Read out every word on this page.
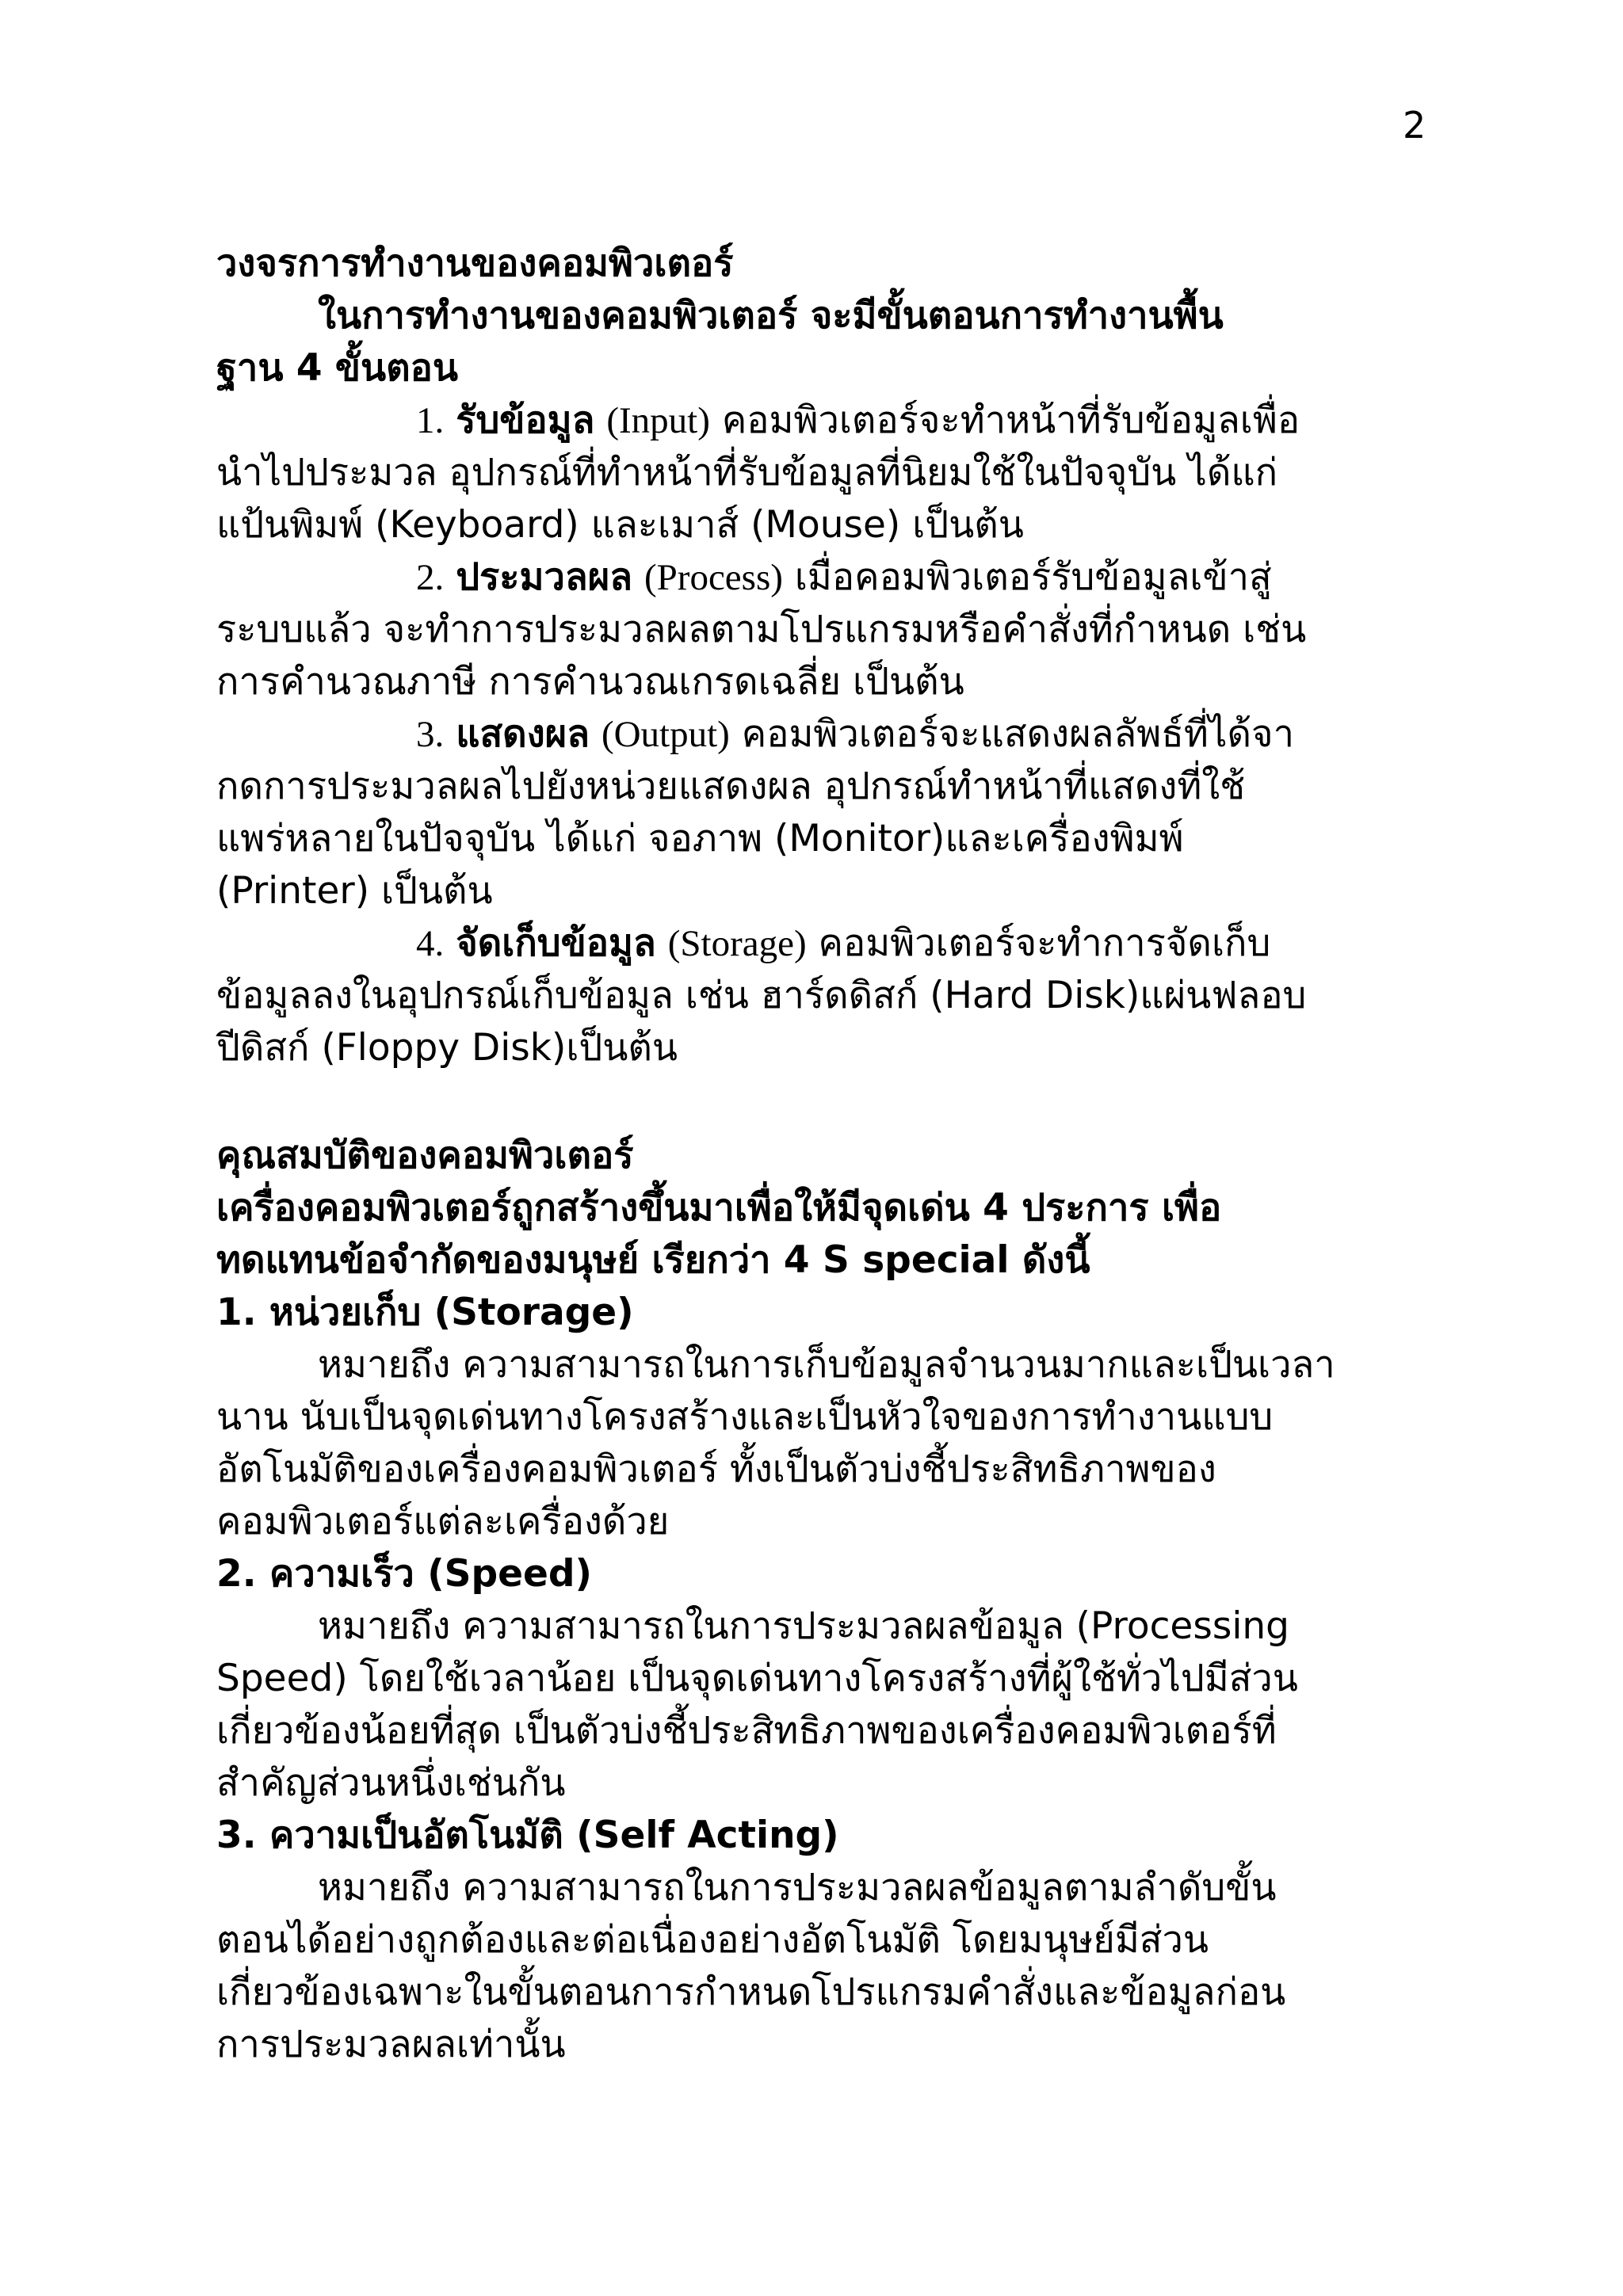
2
วงจรการทำงานของคอมพิวเตอร์
ในการทำงานของคอมพิวเตอร์ จะมีขั้นตอนการทำงานพื้น
ฐาน 4 ขั้นตอน
1. รับข้อมูล (Input) คอมพิวเตอร์จะทำหน้าที่รับข้อมูลเพื่อ
นำไปประมวล อุปกรณ์ที่ทำหน้าที่รับข้อมูลที่นิยมใช้ในปัจจุบัน ได้แก่
แป้นพิมพ์ (Keyboard) และเมาส์ (Mouse) เป็นต้น
2. ประมวลผล (Process) เมื่อคอมพิวเตอร์รับข้อมูลเข้าสู่
ระบบแล้ว จะทำการประมวลผลตามโปรแกรมหรือคำสั่งที่กำหนด เช่น
การคำนวณภาษี การคำนวณเกรดเฉลี่ย เป็นต้น
3. แสดงผล (Output) คอมพิวเตอร์จะแสดงผลลัพธ์ที่ได้จา
กดการประมวลผลไปยังหน่วยแสดงผล อุปกรณ์ทำหน้าที่แสดงที่ใช้
แพร่หลายในปัจจุบัน ได้แก่ จอภาพ (Monitor)และเครื่องพิมพ์
(Printer) เป็นต้น
4. จัดเก็บข้อมูล (Storage) คอมพิวเตอร์จะทำการจัดเก็บ
ข้อมูลลงในอุปกรณ์เก็บข้อมูล เช่น ฮาร์ดดิสก์ (Hard Disk)แผ่นฟลอบ
ปีดิสก์ (Floppy Disk)เป็นต้น
คุณสมบัติของคอมพิวเตอร์
เครื่องคอมพิวเตอร์ถูกสร้างขึ้นมาเพื่อให้มีจุดเด่น 4 ประการ เพื่อ
ทดแทนข้อจำกัดของมนุษย์ เรียกว่า 4 S special ดังนี้
1. หน่วยเก็บ (Storage)
หมายถึง ความสามารถในการเก็บข้อมูลจำนวนมากและเป็นเวลา
นาน นับเป็นจุดเด่นทางโครงสร้างและเป็นหัวใจของการทำงานแบบ
อัตโนมัติของเครื่องคอมพิวเตอร์ ทั้งเป็นตัวบ่งชี้ประสิทธิภาพของ
คอมพิวเตอร์แต่ละเครื่องด้วย
2. ความเร็ว (Speed)
หมายถึง ความสามารถในการประมวลผลข้อมูล (Processing
Speed) โดยใช้เวลาน้อย เป็นจุดเด่นทางโครงสร้างที่ผู้ใช้ทั่วไปมีส่วน
เกี่ยวข้องน้อยที่สุด เป็นตัวบ่งชี้ประสิทธิภาพของเครื่องคอมพิวเตอร์ที่
สำคัญส่วนหนึ่งเช่นกัน
3. ความเป็นอัตโนมัติ (Self Acting)
หมายถึง ความสามารถในการประมวลผลข้อมูลตามลำดับขั้น
ตอนได้อย่างถูกต้องและต่อเนื่องอย่างอัตโนมัติ โดยมนุษย์มีส่วน
เกี่ยวข้องเฉพาะในขั้นตอนการกำหนดโปรแกรมคำสั่งและข้อมูลก่อน
การประมวลผลเท่านั้น
